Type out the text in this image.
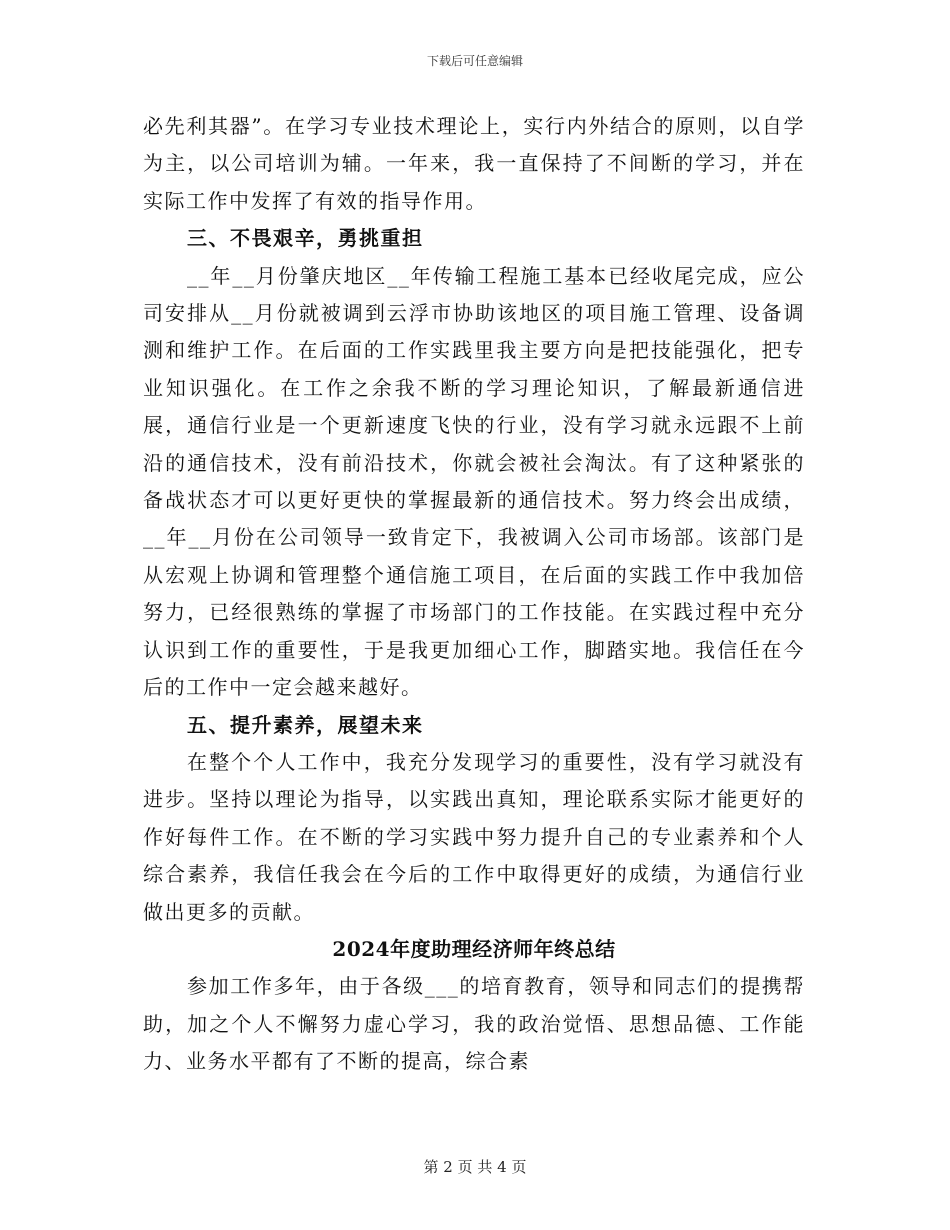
下载后可任意编辑

必先利其器”。在学习专业技术理论上，实行内外结合的原则，以自学为主，以公司培训为辅。一年来，我一直保持了不间断的学习，并在实际工作中发挥了有效的指导作用。

三、不畏艰辛，勇挑重担

__年__月份肇庆地区__年传输工程施工基本已经收尾完成，应公司安排从__月份就被调到云浮市协助该地区的项目施工管理、设备调测和维护工作。在后面的工作实践里我主要方向是把技能强化，把专业知识强化。在工作之余我不断的学习理论知识，了解最新通信进展，通信行业是一个更新速度飞快的行业，没有学习就永远跟不上前沿的通信技术，没有前沿技术，你就会被社会淘汰。有了这种紧张的备战状态才可以更好更快的掌握最新的通信技术。努力终会出成绩，__年__月份在公司领导一致肯定下，我被调入公司市场部。该部门是从宏观上协调和管理整个通信施工项目，在后面的实践工作中我加倍努力，已经很熟练的掌握了市场部门的工作技能。在实践过程中充分认识到工作的重要性，于是我更加细心工作，脚踏实地。我信任在今后的工作中一定会越来越好。

五、提升素养，展望未来

在整个个人工作中，我充分发现学习的重要性，没有学习就没有进步。坚持以理论为指导，以实践出真知，理论联系实际才能更好的作好每件工作。在不断的学习实践中努力提升自己的专业素养和个人综合素养，我信任我会在今后的工作中取得更好的成绩，为通信行业做出更多的贡献。

2024年度助理经济师年终总结

参加工作多年，由于各级___的培育教育，领导和同志们的提携帮助，加之个人不懈努力虚心学习，我的政治觉悟、思想品德、工作能力、业务水平都有了不断的提高，综合素

第 2 页 共 4 页
